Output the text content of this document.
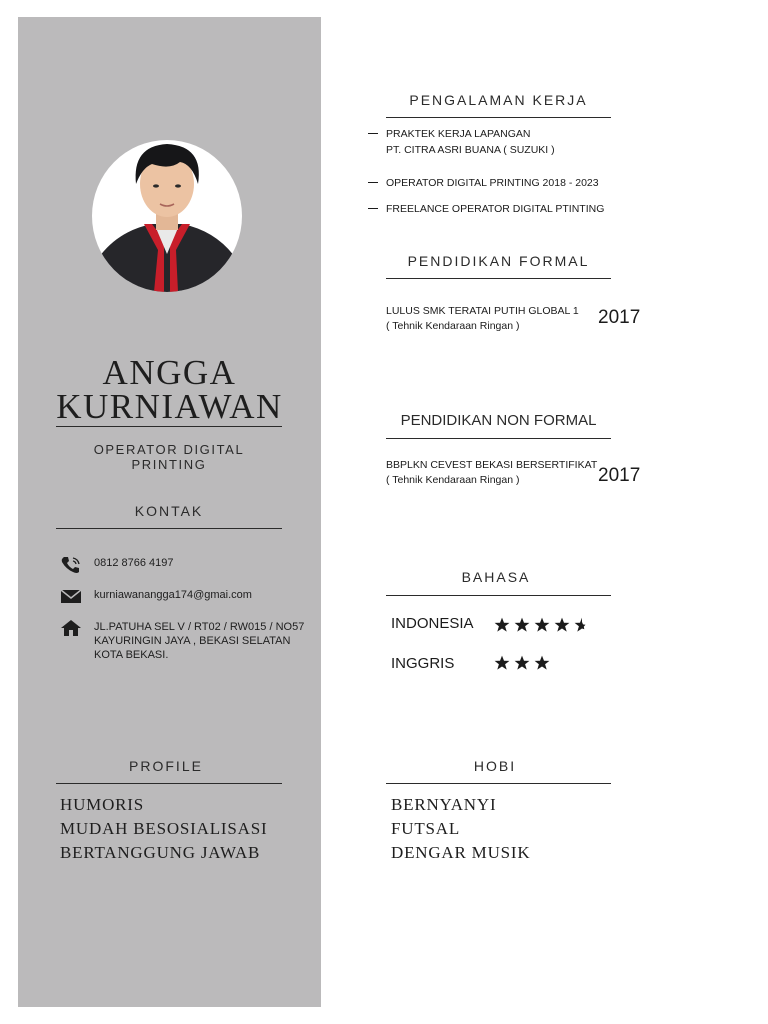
ANGGA
KURNIAWAN
OPERATOR DIGITAL PRINTING
KONTAK
0812 8766 4197
kurniawanangga174@gmai.com
JL.PATUHA SEL V / RT02 / RW015 / NO57
KAYURINGIN JAYA , BEKASI SELATAN
KOTA BEKASI.
PROFILE
HUMORIS
MUDAH BESOSIALISASI
BERTANGGUNG JAWAB
PENGALAMAN KERJA
PRAKTEK KERJA LAPANGAN
PT. CITRA ASRI BUANA ( SUZUKI )
OPERATOR DIGITAL PRINTING 2018 - 2023
FREELANCE OPERATOR DIGITAL PTINTING
PENDIDIKAN FORMAL
LULUS SMK TERATAI PUTIH GLOBAL 1
( Tehnik Kendaraan Ringan )	2017
PENDIDIKAN NON FORMAL
BBPLKN CEVEST BEKASI BERSERTIFIKAT
( Tehnik Kendaraan Ringan )	2017
BAHASA
INDONESIA
INGGRIS
HOBI
BERNYANYI
FUTSAL
DENGAR MUSIK
